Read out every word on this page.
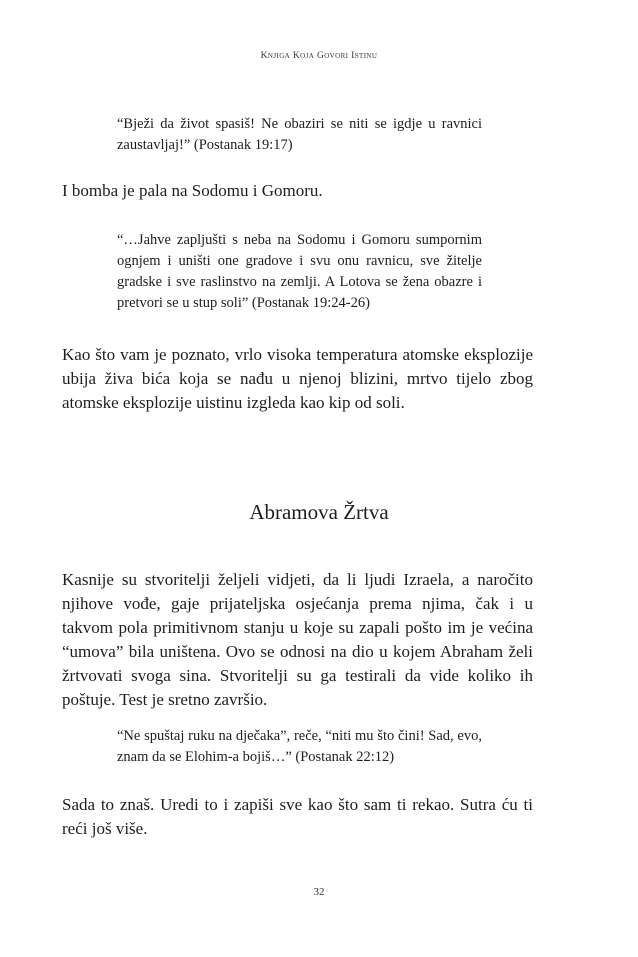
Knjiga Koja Govori Istinu

“Bježi da život spasiš! Ne obaziri se niti se igdje u ravnici zaustavljaj!” (Postanak 19:17)

I bomba je pala na Sodomu i Gomoru.

“…Jahve zapljušti s neba na Sodomu i Gomoru sumpornim ognjem i uništi one gradove i svu onu ravnicu, sve žitelje gradske i sve raslinstvo na zemlji. A Lotova se žena obazre i pretvori se u stup soli” (Postanak 19:24-26)

Kao što vam je poznato, vrlo visoka temperatura atomske eksplozije ubija živa bića koja se nađu u njenoj blizini, mrtvo tijelo zbog atomske eksplozije uistinu izgleda kao kip od soli.

Abramova Žrtva

Kasnije su stvoritelji željeli vidjeti, da li ljudi Izraela, a naročito njihove vođe, gaje prijateljska osjećanja prema njima, čak i u takvom pola primitivnom stanju u koje su zapali pošto im je većina “umova” bila uništena. Ovo se odnosi na dio u kojem Abraham želi žrtvovati svoga sina. Stvoritelji su ga testirali da vide koliko ih poštuje. Test je sretno završio.

“Ne spuštaj ruku na dječaka”, reče, “niti mu što čini! Sad, evo, znam da se Elohim-a bojiš…” (Postanak 22:12)

Sada to znaš. Uredi to i zapiši sve kao što sam ti rekao. Sutra ću ti reći još više.

32
